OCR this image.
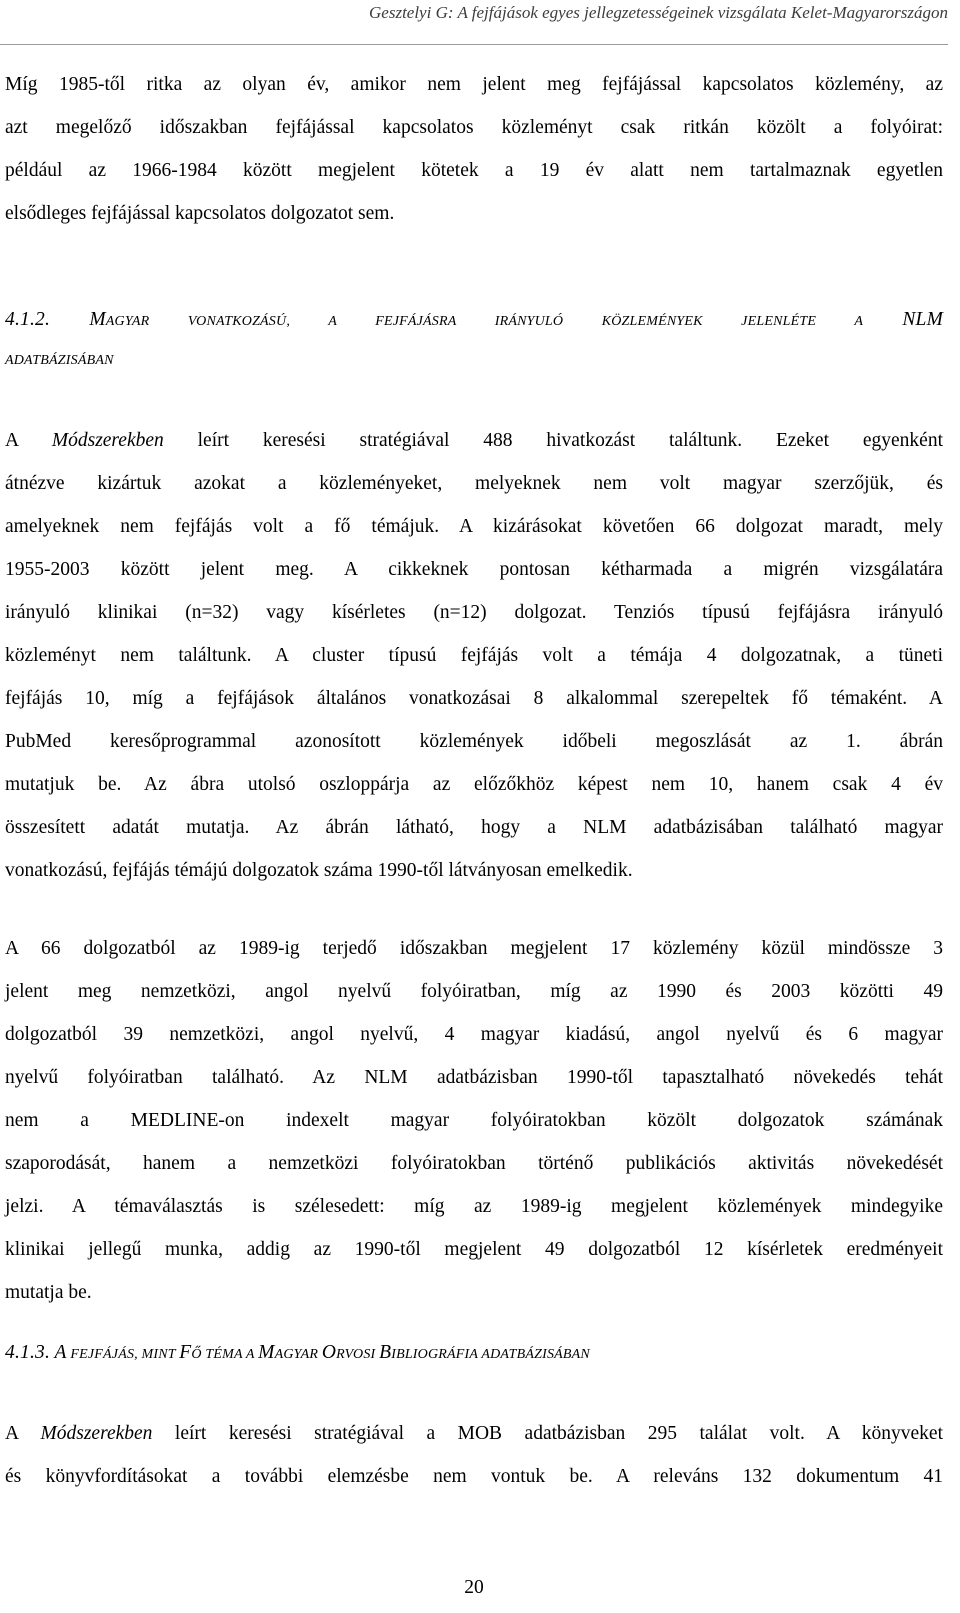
Gesztelyi G: A fejfájások egyes jellegzetességeinek vizsgálata Kelet-Magyarországon
Míg 1985-től ritka az olyan év, amikor nem jelent meg fejfájással kapcsolatos közlemény, az
azt megelőző időszakban fejfájással kapcsolatos közleményt csak ritkán közölt a folyóirat:
például az 1966-1984 között megjelent kötetek a 19 év alatt nem tartalmaznak egyetlen
elsődleges fejfájással kapcsolatos dolgozatot sem.
4.1.2. MAGYAR VONATKOZÁSÚ, A FEJFÁJÁSRA IRÁNYULÓ KÖZLEMÉNYEK JELENLÉTE A NLM
ADATBÁZISÁBAN
A Módszerekben leírt keresési stratégiával 488 hivatkozást találtunk. Ezeket egyenként
átnézve kizártuk azokat a közleményeket, melyeknek nem volt magyar szerzőjük, és
amelyeknek nem fejfájás volt a fő témájuk. A kizárásokat követően 66 dolgozat maradt, mely
1955-2003 között jelent meg. A cikkeknek pontosan kétharmada a migrén vizsgálatára
irányuló klinikai (n=32) vagy kísérletes (n=12) dolgozat. Tenziós típusú fejfájásra irányuló
közleményt nem találtunk. A cluster típusú fejfájás volt a témája 4 dolgozatnak, a tüneti
fejfájás 10, míg a fejfájások általános vonatkozásai 8 alkalommal szerepeltek fő témaként. A
PubMed keresőprogrammal azonosított közlemények időbeli megoszlását az 1. ábrán
mutatjuk be. Az ábra utolsó oszloppárja az előzőkhöz képest nem 10, hanem csak 4 év
összesített adatát mutatja. Az ábrán látható, hogy a NLM adatbázisában található magyar
vonatkozású, fejfájás témájú dolgozatok száma 1990-től látványosan emelkedik.
A 66 dolgozatból az 1989-ig terjedő időszakban megjelent 17 közlemény közül mindössze 3
jelent meg nemzetközi, angol nyelvű folyóiratban, míg az 1990 és 2003 közötti 49
dolgozatból 39 nemzetközi, angol nyelvű, 4 magyar kiadású, angol nyelvű és 6 magyar
nyelvű folyóiratban található. Az NLM adatbázisban 1990-től tapasztalható növekedés tehát
nem a MEDLINE-on indexelt magyar folyóiratokban közölt dolgozatok számának
szaporodását, hanem a nemzetközi folyóiratokban történő publikációs aktivitás növekedését
jelzi. A témaválasztás is szélesedett: míg az 1989-ig megjelent közlemények mindegyike
klinikai jellegű munka, addig az 1990-től megjelent 49 dolgozatból 12 kísérletek eredményeit
mutatja be.
4.1.3. A FEJFÁJÁS, MINT FŐ TÉMA A MAGYAR ORVOSI BIBLIOGRÁFIA ADATBÁZISÁBAN
A Módszerekben leírt keresési stratégiával a MOB adatbázisban 295 találat volt. A könyveket
és könyvfordításokat a további elemzésbe nem vontuk be. A releváns 132 dokumentum 41
20
